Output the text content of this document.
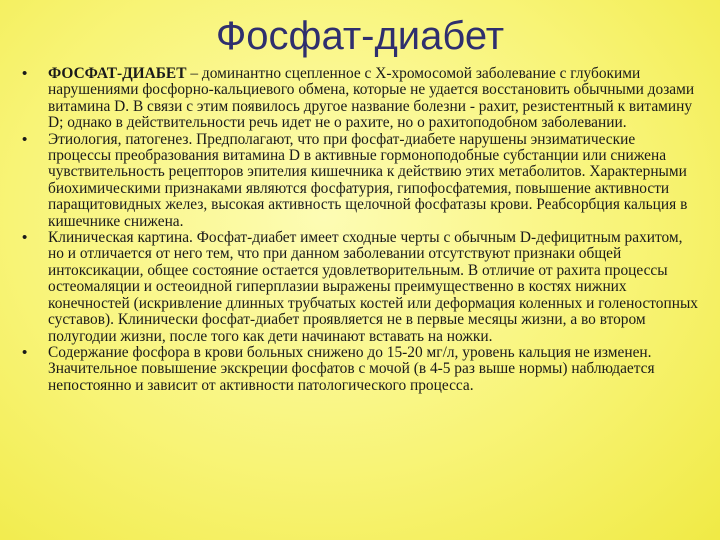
Фосфат-диабет
• ФОСФАТ-ДИАБЕТ – доминантно сцепленное с Х-хромосомой заболевание с глубокими нарушениями фосфорно-кальциевого обмена, которые не удается восстановить обычными дозами витамина D. В связи с этим появилось другое название болезни - рахит, резистентный к витамину D; однако в действительности речь идет не о рахите, но о рахитоподобном заболевании.
• Этиология, патогенез. Предполагают, что при фосфат-диабете нарушены энзиматические процессы преобразования витамина D в активные гормоноподобные субстанции или снижена чувствительность рецепторов эпителия кишечника к действию этих метаболитов. Характерными биохимическими признаками являются фосфатурия, гипофосфатемия, повышение активности паращитовидных желез, высокая активность щелочной фосфатазы крови. Реабсорбция кальция в кишечнике снижена.
• Клиническая картина. Фосфат-диабет имеет сходные черты с обычным D-дефицитным рахитом, но и отличается от него тем, что при данном заболевании отсутствуют признаки общей интоксикации, общее состояние остается удовлетворительным. В отличие от рахита процессы остеомаляции и остеоидной гиперплазии выражены преимущественно в костях нижних конечностей (искривление длинных трубчатых костей или деформация коленных и голеностопных суставов). Клинически фосфат-диабет проявляется не в первые месяцы жизни, а во втором полугодии жизни, после того как дети начинают вставать на ножки.
• Содержание фосфора в крови больных снижено до 15-20 мг/л, уровень кальция не изменен. Значительное повышение экскреции фосфатов с мочой (в 4-5 раз выше нормы) наблюдается непостоянно и зависит от активности патологического процесса.
